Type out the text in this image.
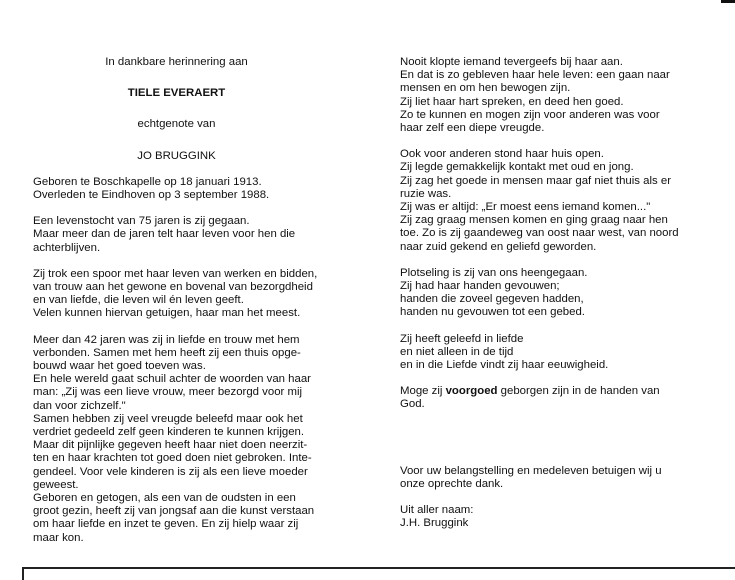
In dankbare herinnering aan

TIELE EVERAERT

echtgenote van

JO BRUGGINK

Geboren te Boschkapelle op 18 januari 1913.

Overleden te Eindhoven op 3 september 1988.

Een levenstocht van 75 jaren is zij gegaan.

Maar meer dan de jaren telt haar leven voor hen die

achterblijven.

Zij trok een spoor met haar leven van werken en bidden,

van trouw aan het gewone en bovenal van bezorgdheid

en van liefde, die leven wil én leven geeft.

Velen kunnen hiervan getuigen, haar man het meest.

Meer dan 42 jaren was zij in liefde en trouw met hem

verbonden. Samen met hem heeft zij een thuis opge-

bouwd waar het goed toeven was.

En hele wereld gaat schuil achter de woorden van haar

man: „Zij was een lieve vrouw, meer bezorgd voor mij

dan voor zichzelf."

Samen hebben zij veel vreugde beleefd maar ook het

verdriet gedeeld zelf geen kinderen te kunnen krijgen.

Maar dit pijnlijke gegeven heeft haar niet doen neerzit-

ten en haar krachten tot goed doen niet gebroken. Inte-

gendeel. Voor vele kinderen is zij als een lieve moeder

geweest.

Geboren en getogen, als een van de oudsten in een

groot gezin, heeft zij van jongsaf aan die kunst verstaan

om haar liefde en inzet te geven. En zij hielp waar zij

maar kon.

Nooit klopte iemand tevergeefs bij haar aan.

En dat is zo gebleven haar hele leven: een gaan naar

mensen en om hen bewogen zijn.

Zij liet haar hart spreken, en deed hen goed.

Zo te kunnen en mogen zijn voor anderen was voor

haar zelf een diepe vreugde.

Ook voor anderen stond haar huis open.

Zij legde gemakkelijk kontakt met oud en jong.

Zij zag het goede in mensen maar gaf niet thuis als er

ruzie was.

Zij was er altijd: „Er moest eens iemand komen..."

Zij zag graag mensen komen en ging graag naar hen

toe. Zo is zij gaandeweg van oost naar west, van noord

naar zuid gekend en geliefd geworden.

Plotseling is zij van ons heengegaan.

Zij had haar handen gevouwen;

handen die zoveel gegeven hadden,

handen nu gevouwen tot een gebed.

Zij heeft geleefd in liefde

en niet alleen in de tijd

en in die Liefde vindt zij haar eeuwigheid.

Moge zij voorgoed geborgen zijn in de handen van

God.

Voor uw belangstelling en medeleven betuigen wij u

onze oprechte dank.

Uit aller naam:

J.H. Bruggink
